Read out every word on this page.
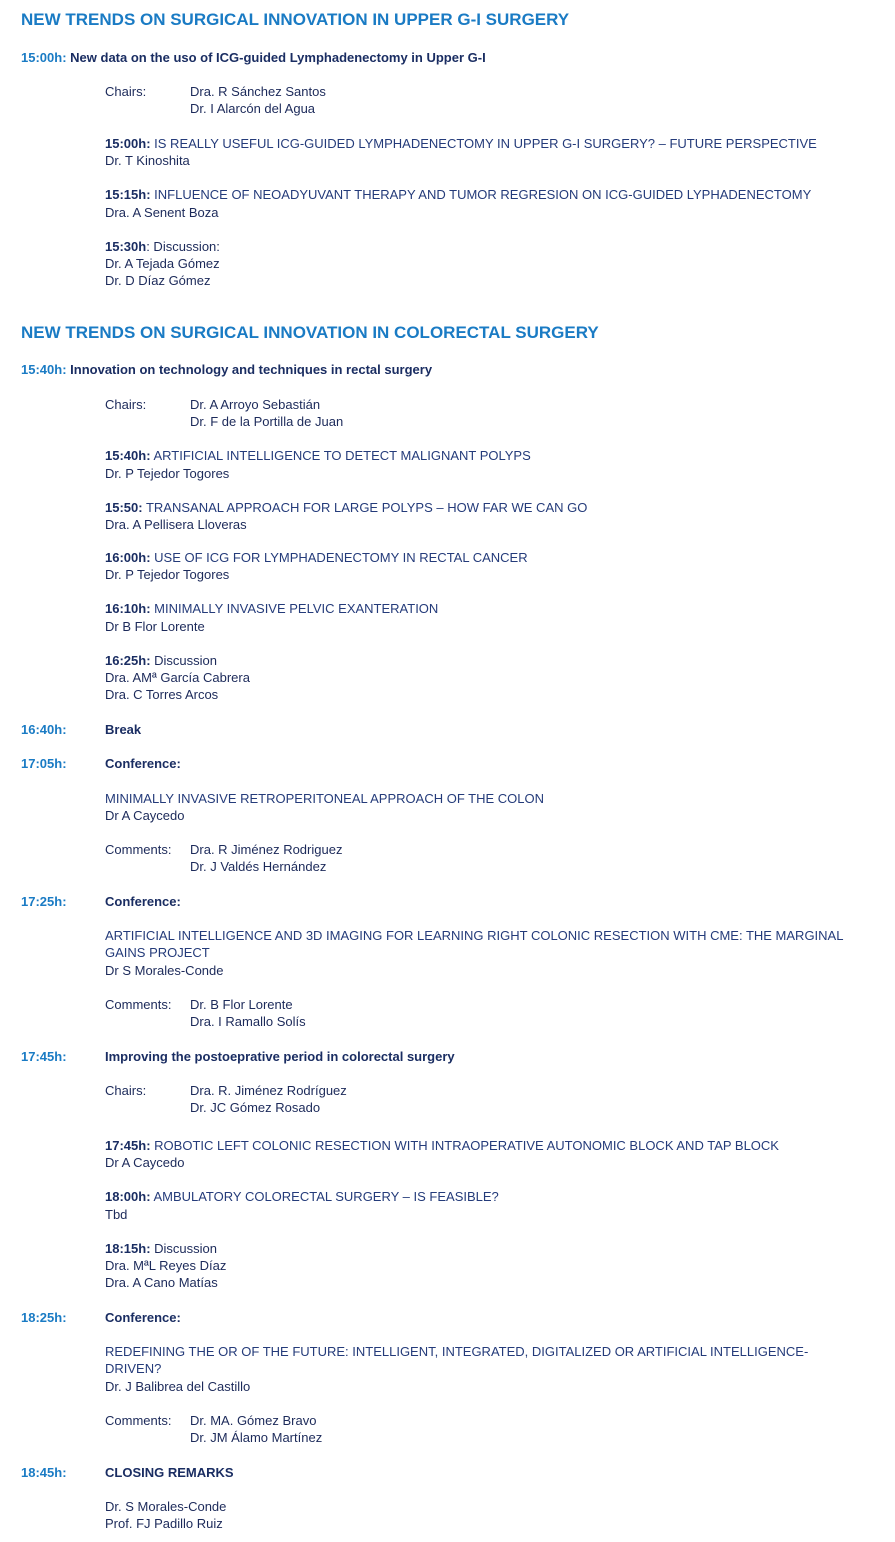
NEW TRENDS ON SURGICAL INNOVATION IN UPPER G-I SURGERY
15:00h: New data on the uso of ICG-guided Lymphadenectomy in Upper G-I
Chairs:	Dra. R Sánchez Santos
Dr. I Alarcón del Agua
15:00h: IS REALLY USEFUL ICG-GUIDED LYMPHADENECTOMY IN UPPER G-I SURGERY? – FUTURE PERSPECTIVE
Dr. T Kinoshita
15:15h: INFLUENCE OF NEOADYUVANT THERAPY AND TUMOR REGRESION ON ICG-GUIDED LYPHADENECTOMY
Dra. A Senent Boza
15:30h: Discussion:
Dr. A Tejada Gómez
Dr. D Díaz Gómez
NEW TRENDS ON SURGICAL INNOVATION IN COLORECTAL SURGERY
15:40h: Innovation on technology and techniques in rectal surgery
Chairs:	Dr. A Arroyo Sebastián
Dr. F de la Portilla de Juan
15:40h: ARTIFICIAL INTELLIGENCE TO DETECT MALIGNANT POLYPS
Dr. P Tejedor Togores
15:50: TRANSANAL APPROACH FOR LARGE POLYPS – HOW FAR WE CAN GO
Dra. A Pellisera Lloveras
16:00h: USE OF ICG FOR LYMPHADENECTOMY IN RECTAL CANCER
Dr. P Tejedor Togores
16:10h: MINIMALLY INVASIVE PELVIC EXANTERATION
Dr B Flor Lorente
16:25h: Discussion
Dra. AMª García Cabrera
Dra. C Torres Arcos
16:40h:	Break
17:05h:	Conference:
MINIMALLY INVASIVE RETROPERITONEAL APPROACH OF THE COLON
Dr A Caycedo
Comments: Dra. R Jiménez Rodriguez
Dr. J Valdés Hernández
17:25h:	Conference:
ARTIFICIAL INTELLIGENCE AND 3D IMAGING FOR LEARNING RIGHT COLONIC RESECTION WITH CME: THE MARGINAL GAINS PROJECT
Dr S Morales-Conde
Comments: Dr. B Flor Lorente
Dra. I Ramallo Solís
17:45h:	Improving the postoeprative period in colorectal surgery
Chairs:	Dra. R. Jiménez Rodríguez
Dr. JC Gómez Rosado
17:45h: ROBOTIC LEFT COLONIC RESECTION WITH INTRAOPERATIVE AUTONOMIC BLOCK AND TAP BLOCK
Dr A Caycedo
18:00h: AMBULATORY COLORECTAL SURGERY – IS FEASIBLE?
Tbd
18:15h: Discussion
Dra. MªL Reyes Díaz
Dra. A Cano Matías
18:25h:	Conference:
REDEFINING THE OR OF THE FUTURE: INTELLIGENT, INTEGRATED, DIGITALIZED OR ARTIFICIAL INTELLIGENCE-DRIVEN?
Dr. J Balibrea del Castillo
Comments: Dr. MA. Gómez Bravo
Dr. JM Álamo Martínez
18:45h:	CLOSING REMARKS
Dr. S Morales-Conde
Prof. FJ Padillo Ruiz
